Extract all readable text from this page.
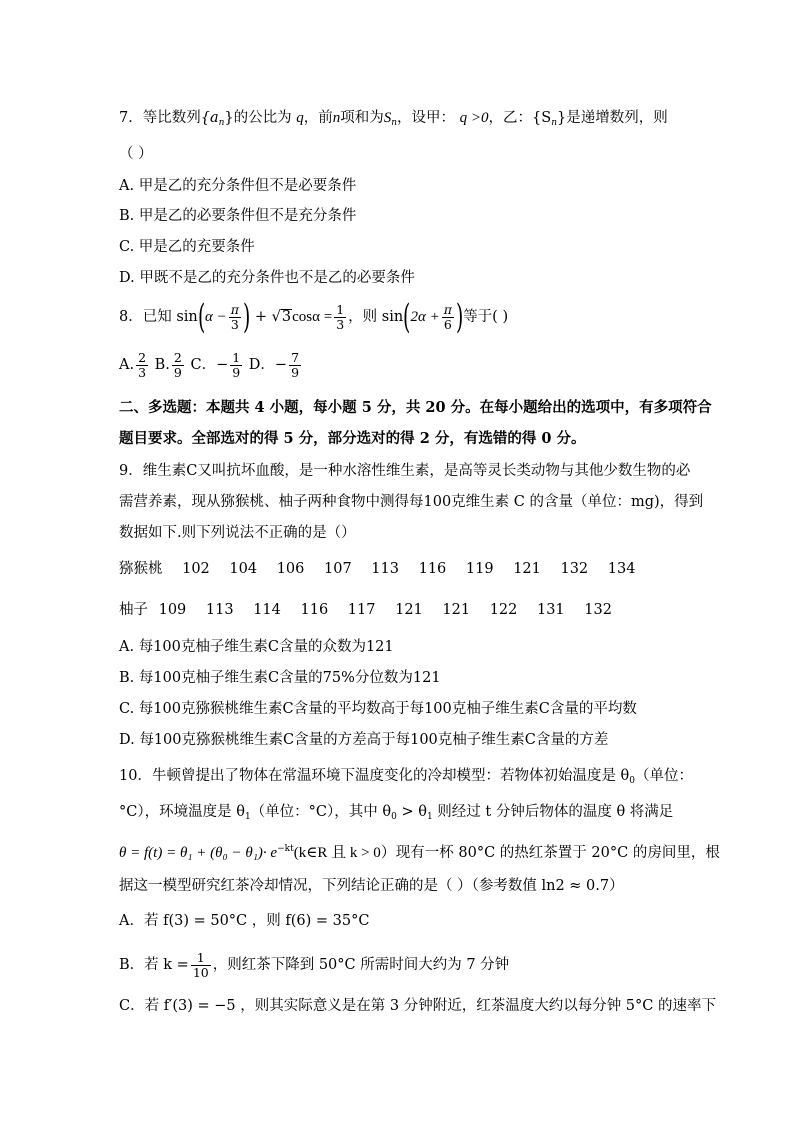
7．等比数列$\{a_n\}$的公比为 q，前n项和为$S_n$，设甲： q >0，乙：$\{S_n\}$是递增数列，则
（ ）
A. 甲是乙的充分条件但不是必要条件
B. 甲是乙的必要条件但不是充分条件
C. 甲是乙的充要条件
D. 甲既不是乙的充分条件也不是乙的必要条件
8．已知 $\sin(\alpha - \frac{\pi}{3}$ ) + $√3\cos\alpha = \frac{1}{3}$ ，则 $\sin(2\alpha + \frac{\pi}{6}$ )等于( )
A. $\frac{2}{3} B$. $\frac{2}{9}$ C．− $\frac{1}{9}$ D．− $\frac{7}{9}$
二、多选题：本题共 4 小题，每小题 5 分，共 20 分。在每小题给出的选项中，有多项符合
题目要求。全部选对的得 5 分，部分选对的得 2 分，有选错的得 0 分。
9．维生素C又叫抗坏血酸，是一种水溶性维生素，是高等灵长类动物与其他少数生物的必
需营养素，现从猕猴桃、柚子两种食物中测得每100克维生素 C 的含量（单位：mg)，得到
数据如下.则下列说法不正确的是（）
猕猴桃 102 104 106 107 113 116 119 121 132 134
柚子 109 113 114 116 117 121 121 122 131 132
A. 每100克柚子维生素C含量的众数为121
B. 每100克柚子维生素C含量的75%分位数为121
C. 每100克猕猴桃维生素C含量的平均数高于每100克柚子维生素C含量的平均数
D. 每100克猕猴桃维生素C含量的方差高于每100克柚子维生素C含量的方差
10．牛顿曾提出了物体在常温环境下温度变化的冷却模型：若物体初始温度是 $\theta_0$（单位：
°C），环境温度是 $\theta_1$（单位：°C），其中 $\theta_0 > \theta_1$ 则经过 t 分钟后物体的温度 θ 将满足
$\theta = f(t) = \theta_1 + (\theta_0 - \theta_1)\cdot e^{-kt}(k\in R$ 且 k > 0）现有一杯 80°C 的热红茶置于 20°C 的房间里，根
据这一模型研究红茶冷却情况，下列结论正确的是（ ）（参考数值 ln2 ≈ 0.7）
A．若 f(3) = 50°C ，则 f(6) = 35°C
B．若 $k = \frac{1}{10}$ ，则红茶下降到 50°C 所需时间大约为 7 分钟
C．若 f′(3) = −5 ，则其实际意义是在第 3 分钟附近，红茶温度大约以每分钟 5°C 的速率下
